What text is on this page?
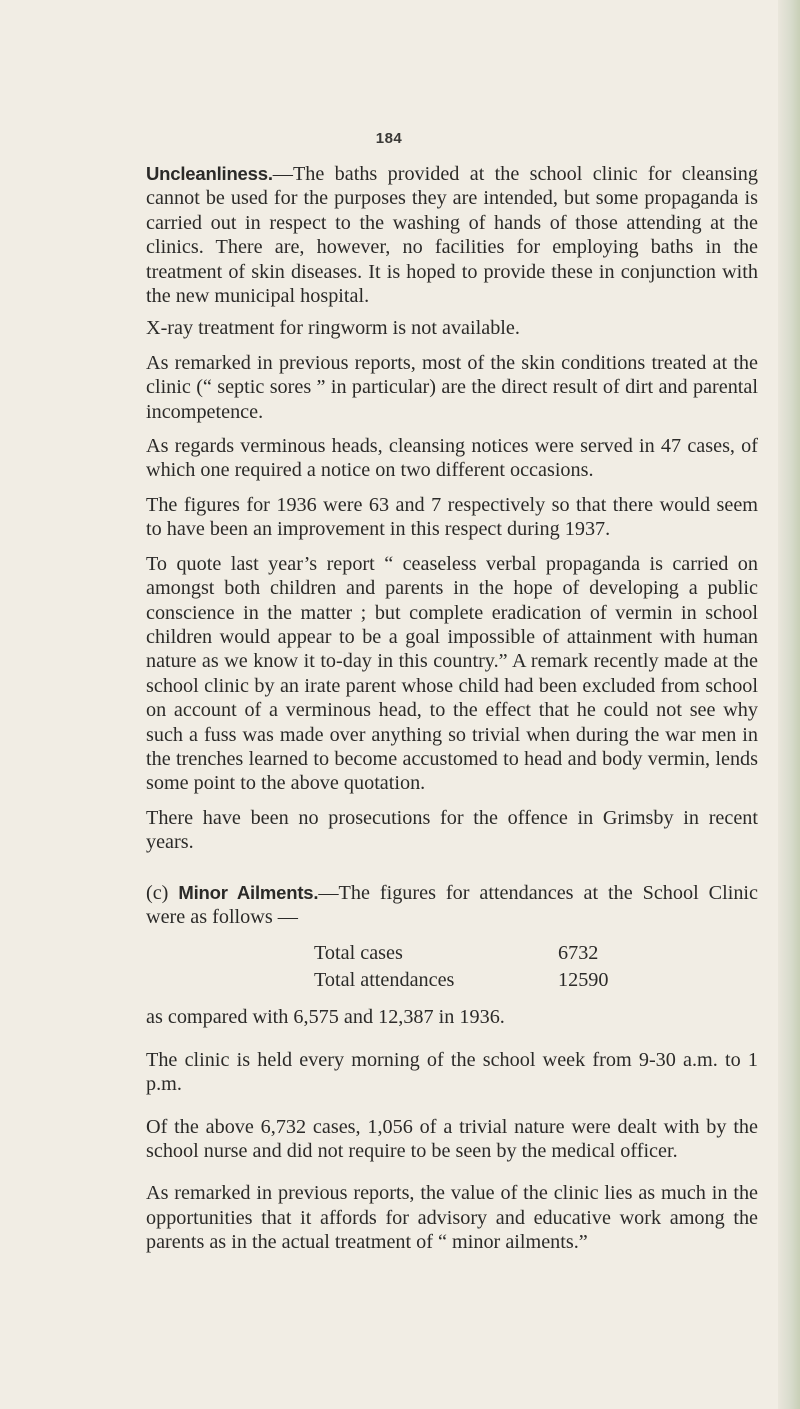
184

Uncleanliness.—The baths provided at the school clinic for cleansing cannot be used for the purposes they are intended, but some propaganda is carried out in respect to the washing of hands of those attending at the clinics. There are, however, no facilities for employing baths in the treatment of skin diseases. It is hoped to provide these in conjunction with the new municipal hospital.

X-ray treatment for ringworm is not available.

As remarked in previous reports, most of the skin conditions treated at the clinic (“ septic sores ” in particular) are the direct result of dirt and parental incompetence.

As regards verminous heads, cleansing notices were served in 47 cases, of which one required a notice on two different occasions.

The figures for 1936 were 63 and 7 respectively so that there would seem to have been an improvement in this respect during 1937.

To quote last year’s report “ ceaseless verbal propaganda is carried on amongst both children and parents in the hope of developing a public conscience in the matter ; but complete eradication of vermin in school children would appear to be a goal impossible of attainment with human nature as we know it to-day in this country.” A remark recently made at the school clinic by an irate parent whose child had been excluded from school on account of a verminous head, to the effect that he could not see why such a fuss was made over anything so trivial when during the war men in the trenches learned to become accustomed to head and body vermin, lends some point to the above quotation.

There have been no prosecutions for the offence in Grimsby in recent years.

(c) Minor Ailments.—The figures for attendances at the School Clinic were as follows —

Total cases	6732
Total attendances	12590

as compared with 6,575 and 12,387 in 1936.

The clinic is held every morning of the school week from 9-30 a.m. to 1 p.m.

Of the above 6,732 cases, 1,056 of a trivial nature were dealt with by the school nurse and did not require to be seen by the medical officer.

As remarked in previous reports, the value of the clinic lies as much in the opportunities that it affords for advisory and educative work among the parents as in the actual treatment of “ minor ailments.”
